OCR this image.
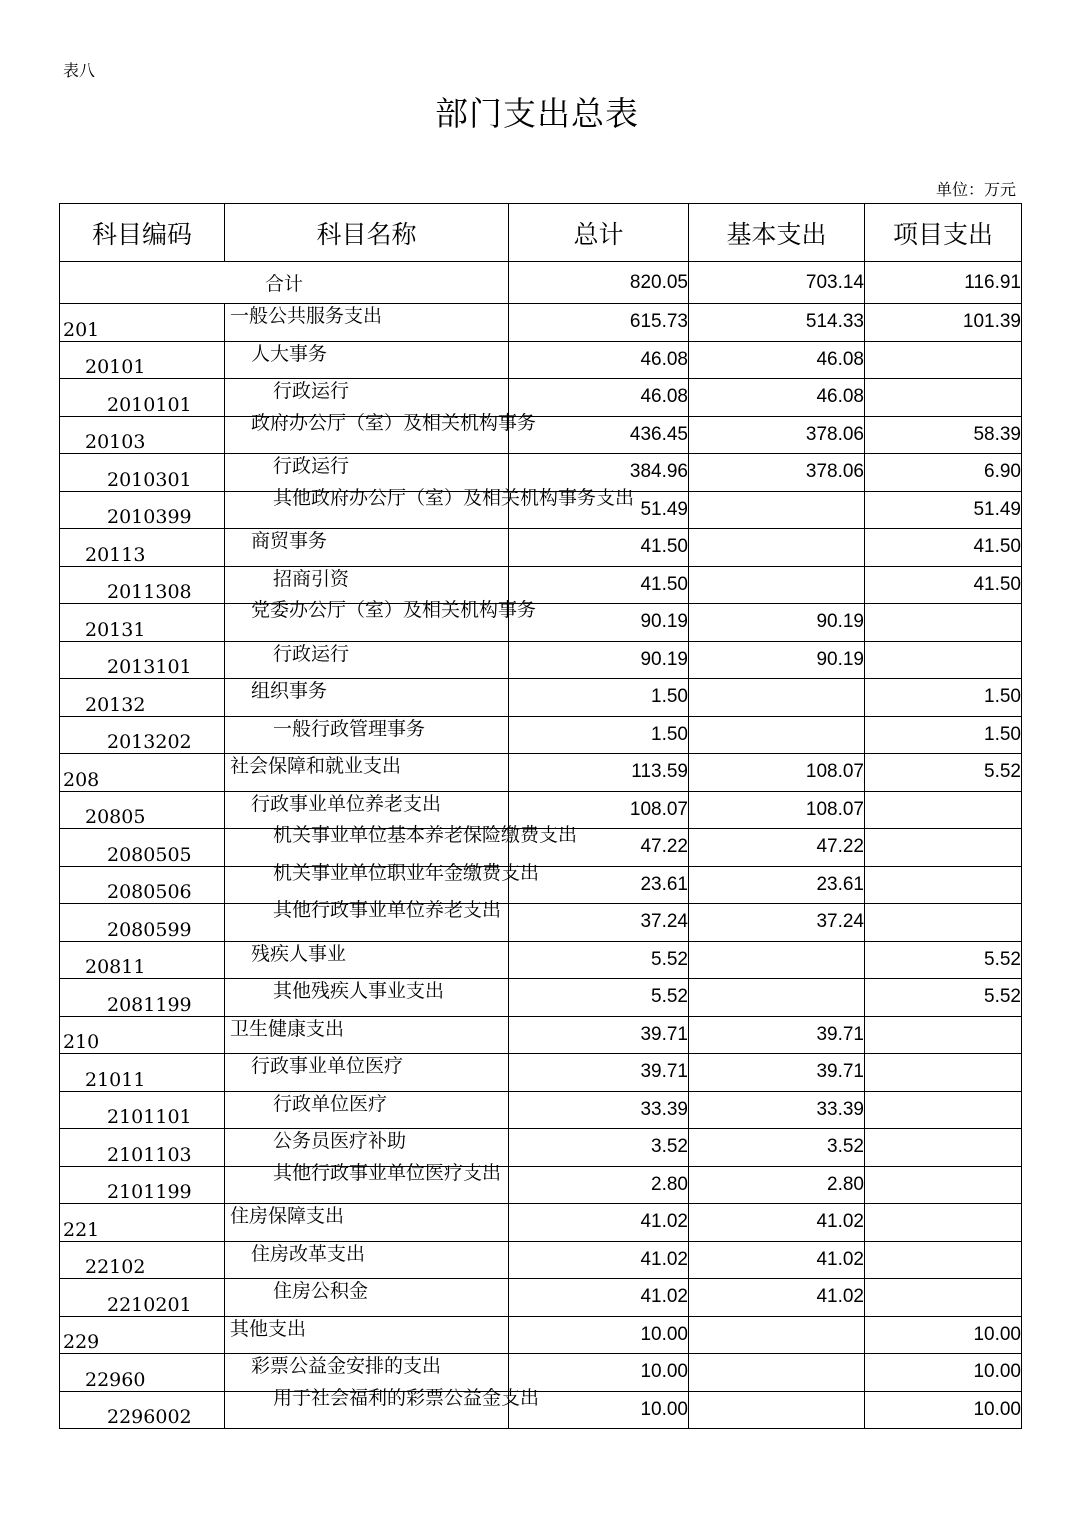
表八
部门支出总表
单位：万元
科目编码	科目名称	总计	基本支出	项目支出
合计		820.05	703.14	116.91
201	一般公共服务支出	615.73	514.33	101.39
20101	人大事务	46.08	46.08	
2010101	行政运行	46.08	46.08	
20103	政府办公厅（室）及相关机构事务	436.45	378.06	58.39
2010301	行政运行	384.96	378.06	6.90
2010399	其他政府办公厅（室）及相关机构事务支出	51.49		51.49
20113	商贸事务	41.50		41.50
2011308	招商引资	41.50		41.50
20131	党委办公厅（室）及相关机构事务	90.19	90.19	
2013101	行政运行	90.19	90.19	
20132	组织事务	1.50		1.50
2013202	一般行政管理事务	1.50		1.50
208	社会保障和就业支出	113.59	108.07	5.52
20805	行政事业单位养老支出	108.07	108.07	
2080505	机关事业单位基本养老保险缴费支出	47.22	47.22	
2080506	机关事业单位职业年金缴费支出	23.61	23.61	
2080599	其他行政事业单位养老支出	37.24	37.24	
20811	残疾人事业	5.52		5.52
2081199	其他残疾人事业支出	5.52		5.52
210	卫生健康支出	39.71	39.71	
21011	行政事业单位医疗	39.71	39.71	
2101101	行政单位医疗	33.39	33.39	
2101103	公务员医疗补助	3.52	3.52	
2101199	其他行政事业单位医疗支出	2.80	2.80	
221	住房保障支出	41.02	41.02	
22102	住房改革支出	41.02	41.02	
2210201	住房公积金	41.02	41.02	
229	其他支出	10.00		10.00
22960	彩票公益金安排的支出	10.00		10.00
2296002	用于社会福利的彩票公益金支出	10.00		10.00
